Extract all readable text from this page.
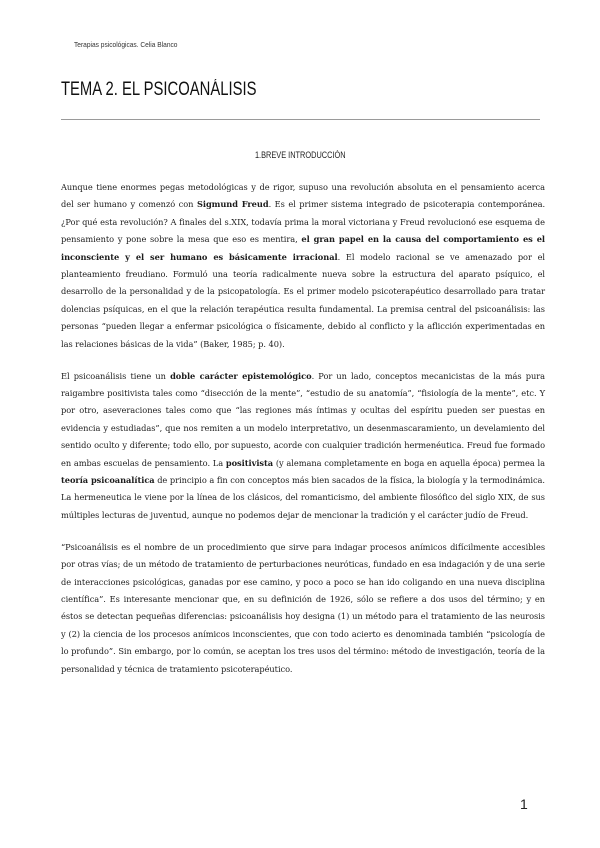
Terapias psicológicas. Celia Blanco
TEMA 2. EL PSICOANÁLISIS
1.BREVE INTRODUCCIÓN

Aunque tiene enormes pegas metodológicas y de rigor, supuso una revolución absoluta en el pensamiento acerca del ser humano y comenzó con Sigmund Freud. Es el primer sistema integrado de psicoterapia contemporánea. ¿Por qué esta revolución? A finales del s.XIX, todavía prima la moral victoriana y Freud revolucionó ese esquema de pensamiento y pone sobre la mesa que eso es mentira, el gran papel en la causa del comportamiento es el inconsciente y el ser humano es básicamente irracional. El modelo racional se ve amenazado por el planteamiento freudiano. Formuló una teoría radicalmente nueva sobre la estructura del aparato psíquico, el desarrollo de la personalidad y de la psicopatología. Es el primer modelo psicoterapéutico desarrollado para tratar dolencias psíquicas, en el que la relación terapéutica resulta fundamental. La premisa central del psicoanálisis: las personas “pueden llegar a enfermar psicológica o físicamente, debido al conflicto y la aflicción experimentadas en las relaciones básicas de la vida” (Baker, 1985; p. 40).

El psicoanálisis tiene un doble carácter epistemológico. Por un lado, conceptos mecanicistas de la más pura raigambre positivista tales como “disección de la mente”, “estudio de su anatomía”, “fisiología de la mente”, etc. Y por otro, aseveraciones tales como que “las regiones más íntimas y ocultas del espíritu pueden ser puestas en evidencia y estudiadas”, que nos remiten a un modelo interpretativo, un desenmascaramiento, un develamiento del sentido oculto y diferente; todo ello, por supuesto, acorde con cualquier tradición hermenéutica. Freud fue formado en ambas escuelas de pensamiento. La positivista (y alemana completamente en boga en aquella época) permea la teoría psicoanalítica de principio a fin con conceptos más bien sacados de la física, la biología y la termodinámica. La hermeneutica le viene por la línea de los clásicos, del romanticismo, del ambiente filosófico del siglo XIX, de sus múltiples lecturas de juventud, aunque no podemos dejar de mencionar la tradición y el carácter judío de Freud.

“Psicoanálisis es el nombre de un procedimiento que sirve para indagar procesos anímicos difícilmente accesibles por otras vías; de un método de tratamiento de perturbaciones neuróticas, fundado en esa indagación y de una serie de interacciones psicológicas, ganadas por ese camino, y poco a poco se han ido coligando en una nueva disciplina científica”. Es interesante mencionar que, en su definición de 1926, sólo se refiere a dos usos del término; y en éstos se detectan pequeñas diferencias: psicoanálisis hoy designa (1) un método para el tratamiento de las neurosis y (2) la ciencia de los procesos anímicos inconscientes, que con todo acierto es denominada también “psicología de lo profundo”. Sin embargo, por lo común, se aceptan los tres usos del término: método de investigación, teoría de la personalidad y técnica de tratamiento psicoterapéutico.

1
